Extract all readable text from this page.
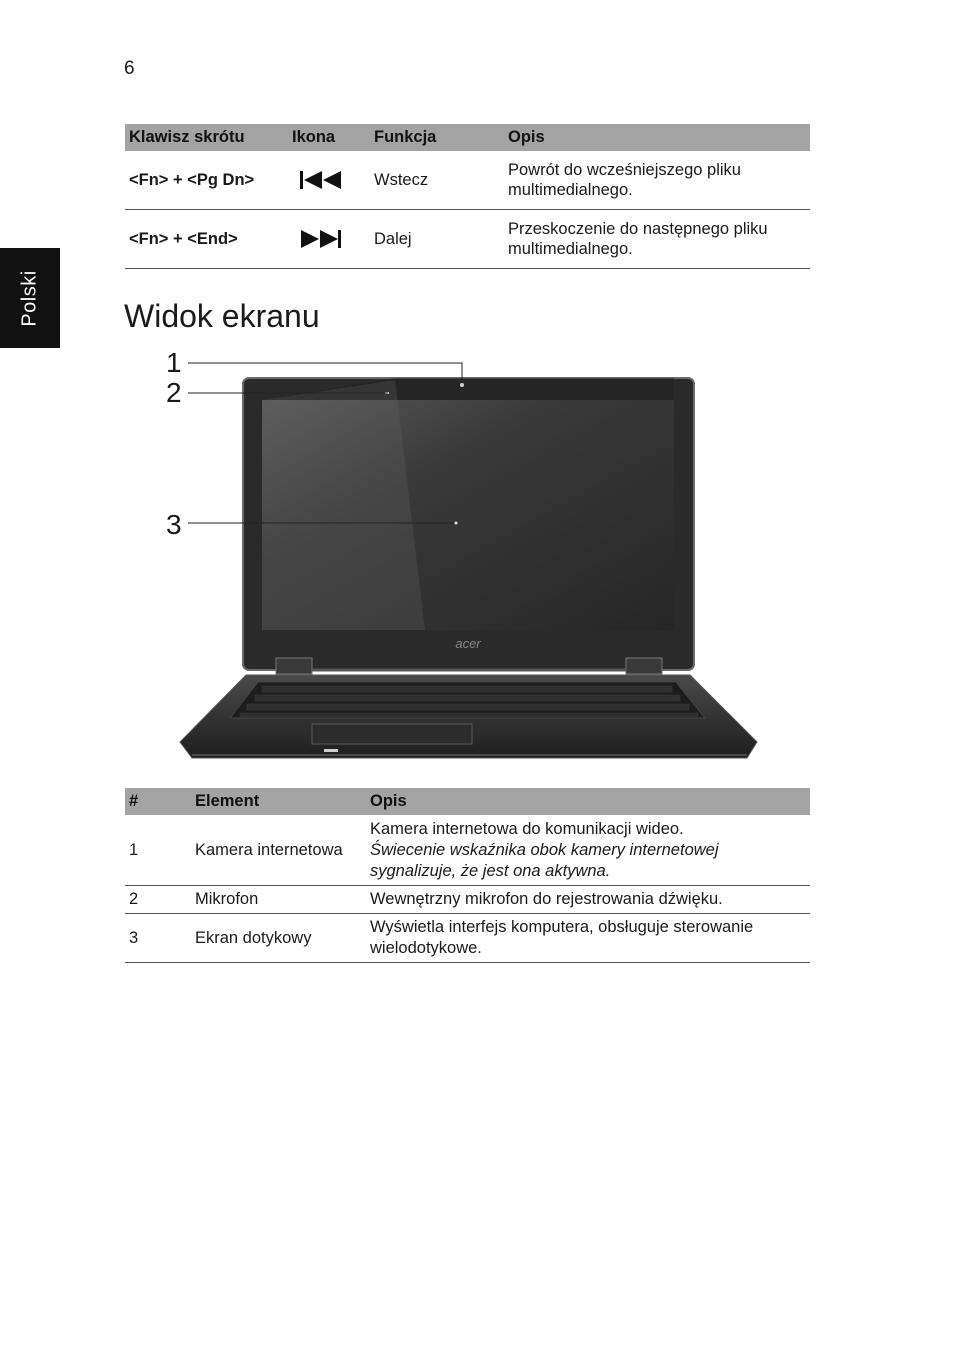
6
Polski
Klawisz skrótu	Ikona	Funkcja	Opis
<Fn> + <Pg Dn>		Wstecz	Powrót do wcześniejszego pliku multimedialnego.
<Fn> + <End>		Dalej	Przeskoczenie do następnego pliku multimedialnego.
Widok ekranu
acer
1
2
3
#	Element	Opis
1	Kamera internetowa	Kamera internetowa do komunikacji wideo.
Świecenie wskaźnika obok kamery internetowej sygnalizuje, że jest ona aktywna.

2	Mikrofon	Wewnętrzny mikrofon do rejestrowania dźwięku.
3	Ekran dotykowy	Wyświetla interfejs komputera, obsługuje sterowanie wielodotykowe.
